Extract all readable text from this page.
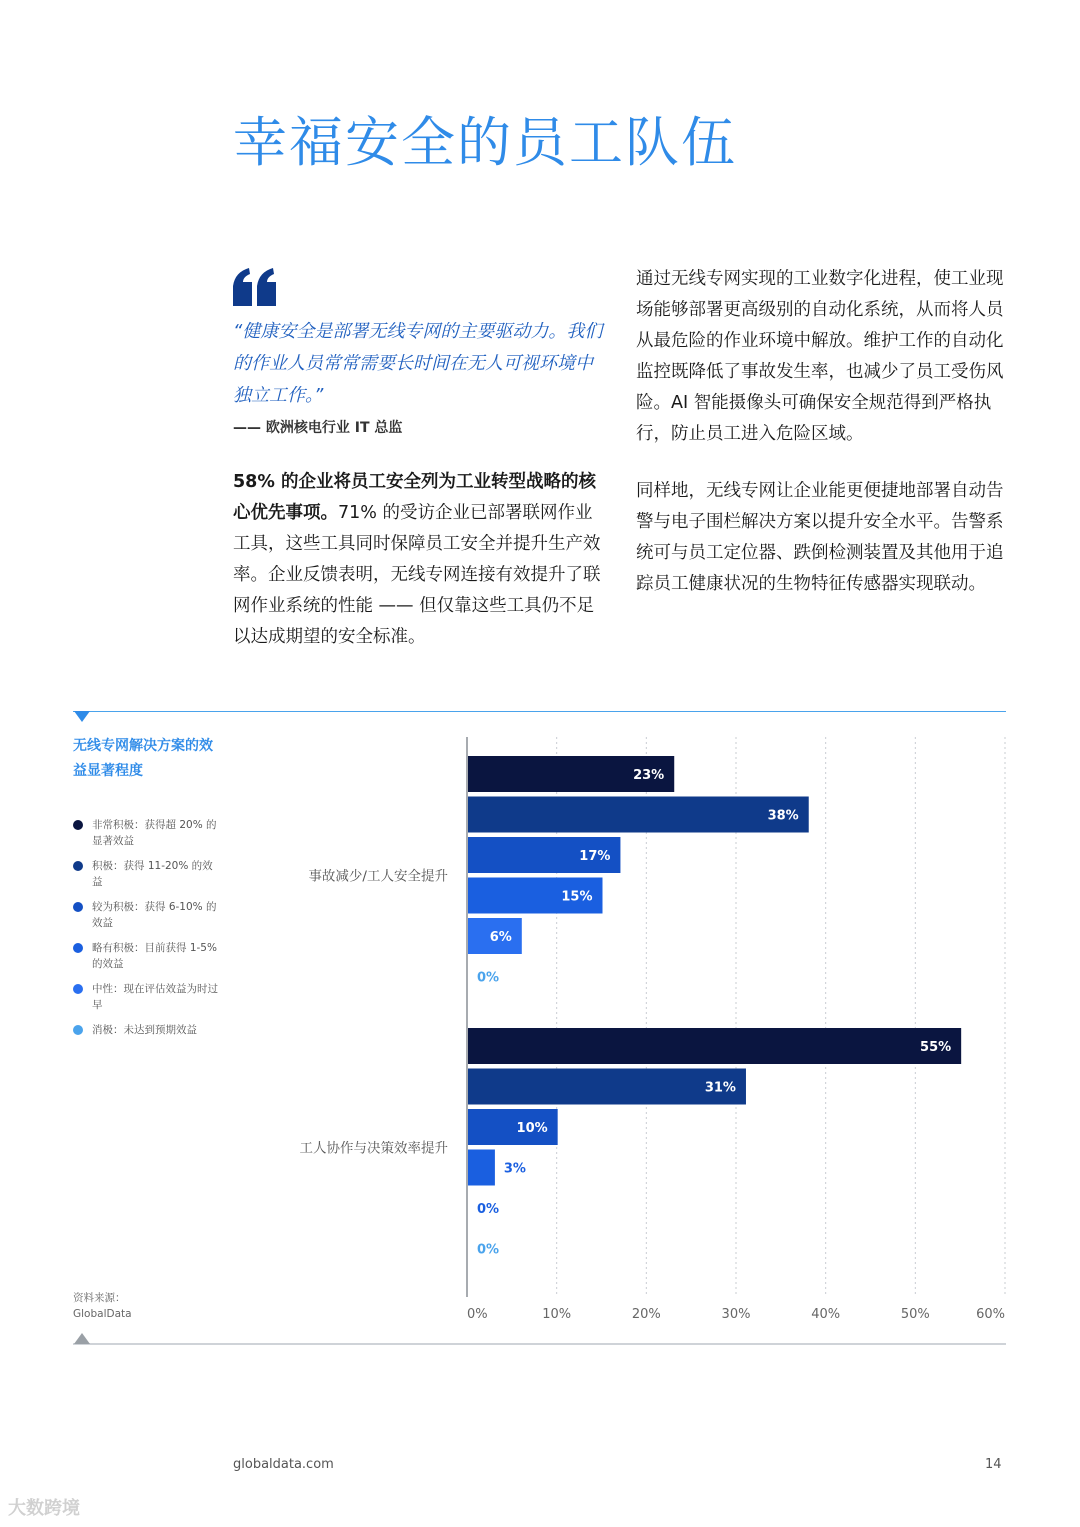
幸福安全的员工队伍

“健康安全是部署无线专网的主要驱动力。我们的作业人员常常需要长时间在无人可视环境中独立工作。”

—— 欧洲核电行业 IT 总监

58% 的企业将员工安全列为工业转型战略的核心优先事项。71% 的受访企业已部署联网作业工具，这些工具同时保障员工安全并提升生产效率。企业反馈表明，无线专网连接有效提升了联网作业系统的性能 —— 但仅靠这些工具仍不足以达成期望的安全标准。

通过无线专网实现的工业数字化进程，使工业现场能够部署更高级别的自动化系统，从而将人员从最危险的作业环境中解放。维护工作的自动化监控既降低了事故发生率，也减少了员工受伤风险。AI 智能摄像头可确保安全规范得到严格执行，防止员工进入危险区域。

同样地，无线专网让企业能更便捷地部署自动告警与电子围栏解决方案以提升安全水平。告警系统可与员工定位器、跌倒检测装置及其他用于追踪员工健康状况的生物特征传感器实现联动。

无线专网解决方案的效益显著程度

非常积极：获得超 20% 的显著效益
积极：获得 11-20% 的效益
较为积极：获得 6-10% 的效益
略有积极：目前获得 1-5% 的效益
中性：现在评估效益为时过早
消极：未达到预期效益
资料来源：
GlobalData	0%	10%	20%	30%	40%	50%	60%
事故减少/工人安全提升
23%
38%
17%
15%
6%
0%
工人协作与决策效率提升
55%
31%
10%
3%
0%
0%
globaldata.com	14
大数跨境
